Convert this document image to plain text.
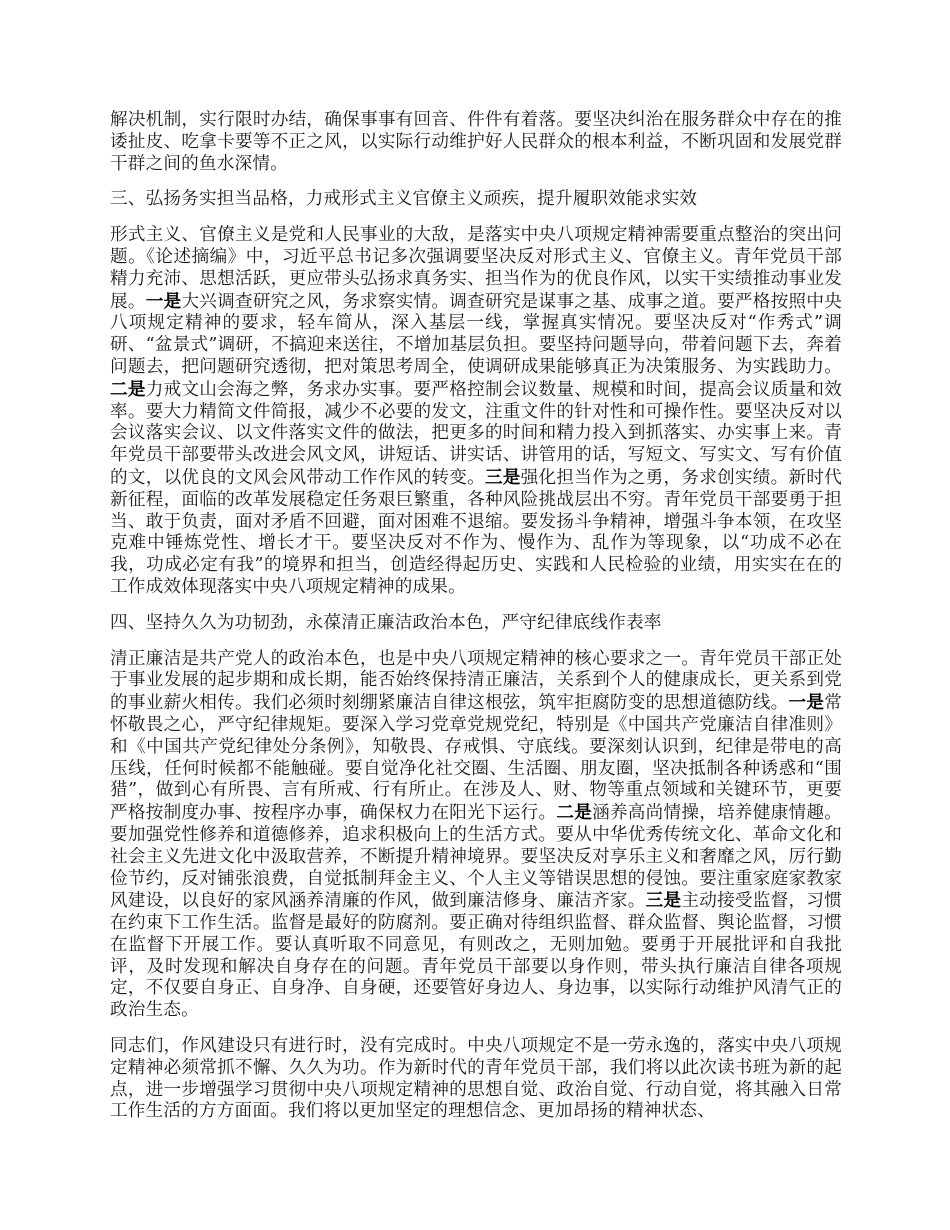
解决机制，实行限时办结，确保事事有回音、件件有着落。要坚决纠治在服务群众中存在的推诿扯皮、吃拿卡要等不正之风，以实际行动维护好人民群众的根本利益，不断巩固和发展党群干群之间的鱼水深情。

三、弘扬务实担当品格，力戒形式主义官僚主义顽疾，提升履职效能求实效

形式主义、官僚主义是党和人民事业的大敌，是落实中央八项规定精神需要重点整治的突出问题。《论述摘编》中，习近平总书记多次强调要坚决反对形式主义、官僚主义。青年党员干部精力充沛、思想活跃，更应带头弘扬求真务实、担当作为的优良作风，以实干实绩推动事业发展。一是大兴调查研究之风，务求察实情。调查研究是谋事之基、成事之道。要严格按照中央八项规定精神的要求，轻车简从，深入基层一线，掌握真实情况。要坚决反对“作秀式”调研、“盆景式”调研，不搞迎来送往，不增加基层负担。要坚持问题导向，带着问题下去，奔着问题去，把问题研究透彻，把对策思考周全，使调研成果能够真正为决策服务、为实践助力。二是力戒文山会海之弊，务求办实事。要严格控制会议数量、规模和时间，提高会议质量和效率。要大力精简文件简报，减少不必要的发文，注重文件的针对性和可操作性。要坚决反对以会议落实会议、以文件落实文件的做法，把更多的时间和精力投入到抓落实、办实事上来。青年党员干部要带头改进会风文风，讲短话、讲实话、讲管用的话，写短文、写实文、写有价值的文，以优良的文风会风带动工作作风的转变。三是强化担当作为之勇，务求创实绩。新时代新征程，面临的改革发展稳定任务艰巨繁重，各种风险挑战层出不穷。青年党员干部要勇于担当、敢于负责，面对矛盾不回避，面对困难不退缩。要发扬斗争精神，增强斗争本领，在攻坚克难中锤炼党性、增长才干。要坚决反对不作为、慢作为、乱作为等现象，以“功成不必在我，功成必定有我”的境界和担当，创造经得起历史、实践和人民检验的业绩，用实实在在的工作成效体现落实中央八项规定精神的成果。

四、坚持久久为功韧劲，永葆清正廉洁政治本色，严守纪律底线作表率

清正廉洁是共产党人的政治本色，也是中央八项规定精神的核心要求之一。青年党员干部正处于事业发展的起步期和成长期，能否始终保持清正廉洁，关系到个人的健康成长，更关系到党的事业薪火相传。我们必须时刻绷紧廉洁自律这根弦，筑牢拒腐防变的思想道德防线。一是常怀敬畏之心，严守纪律规矩。要深入学习党章党规党纪，特别是《中国共产党廉洁自律准则》和《中国共产党纪律处分条例》，知敬畏、存戒惧、守底线。要深刻认识到，纪律是带电的高压线，任何时候都不能触碰。要自觉净化社交圈、生活圈、朋友圈，坚决抵制各种诱惑和“围猎”，做到心有所畏、言有所戒、行有所止。在涉及人、财、物等重点领域和关键环节，更要严格按制度办事、按程序办事，确保权力在阳光下运行。二是涵养高尚情操，培养健康情趣。要加强党性修养和道德修养，追求积极向上的生活方式。要从中华优秀传统文化、革命文化和社会主义先进文化中汲取营养，不断提升精神境界。要坚决反对享乐主义和奢靡之风，厉行勤俭节约，反对铺张浪费，自觉抵制拜金主义、个人主义等错误思想的侵蚀。要注重家庭家教家风建设，以良好的家风涵养清廉的作风，做到廉洁修身、廉洁齐家。三是主动接受监督，习惯在约束下工作生活。监督是最好的防腐剂。要正确对待组织监督、群众监督、舆论监督，习惯在监督下开展工作。要认真听取不同意见，有则改之，无则加勉。要勇于开展批评和自我批评，及时发现和解决自身存在的问题。青年党员干部要以身作则，带头执行廉洁自律各项规定，不仅要自身正、自身净、自身硬，还要管好身边人、身边事，以实际行动维护风清气正的政治生态。

同志们，作风建设只有进行时，没有完成时。中央八项规定不是一劳永逸的，落实中央八项规定精神必须常抓不懈、久久为功。作为新时代的青年党员干部，我们将以此次读书班为新的起点，进一步增强学习贯彻中央八项规定精神的思想自觉、政治自觉、行动自觉，将其融入日常工作生活的方方面面。我们将以更加坚定的理想信念、更加昂扬的精神状态、
